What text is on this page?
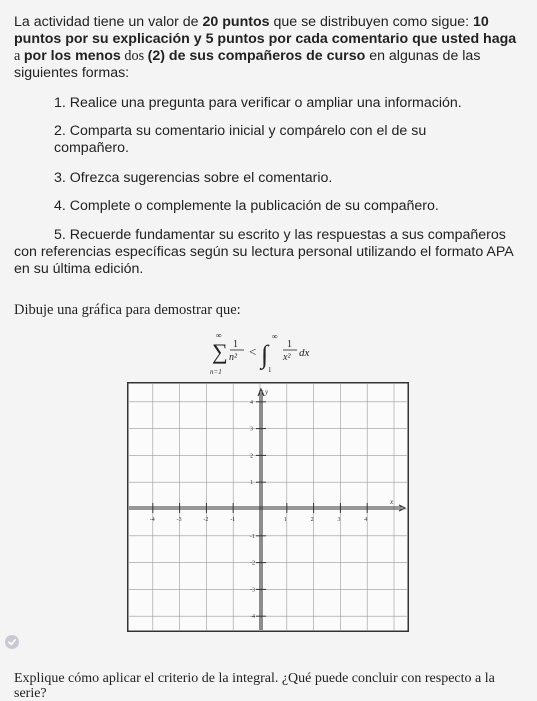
La actividad tiene un valor de 20 puntos que se distribuyen como sigue: 10 puntos por su explicación y 5 puntos por cada comentario que usted haga a por los menos dos (2) de sus compañeros de curso en algunas de las siguientes formas:
1. Realice una pregunta para verificar o ampliar una información.
2. Comparta su comentario inicial y compárelo con el de su compañero.
3. Ofrezca sugerencias sobre el comentario.
4. Complete o complemente la publicación de su compañero.
5. Recuerde fundamentar su escrito y las respuestas a sus compañeros con referencias específicas según su lectura personal utilizando el formato APA en su última edición.
Dibuje una gráfica para demostrar que:
∑
∞
n=1
1
n² < ∫
∞
1
1
x² dx
-4	-3	-2	-1	1	2	3	4
4
3
2
1
-1
-2
-3
-4
y
x
Explique cómo aplicar el criterio de la integral. ¿Qué puede concluir con respecto a la serie?
